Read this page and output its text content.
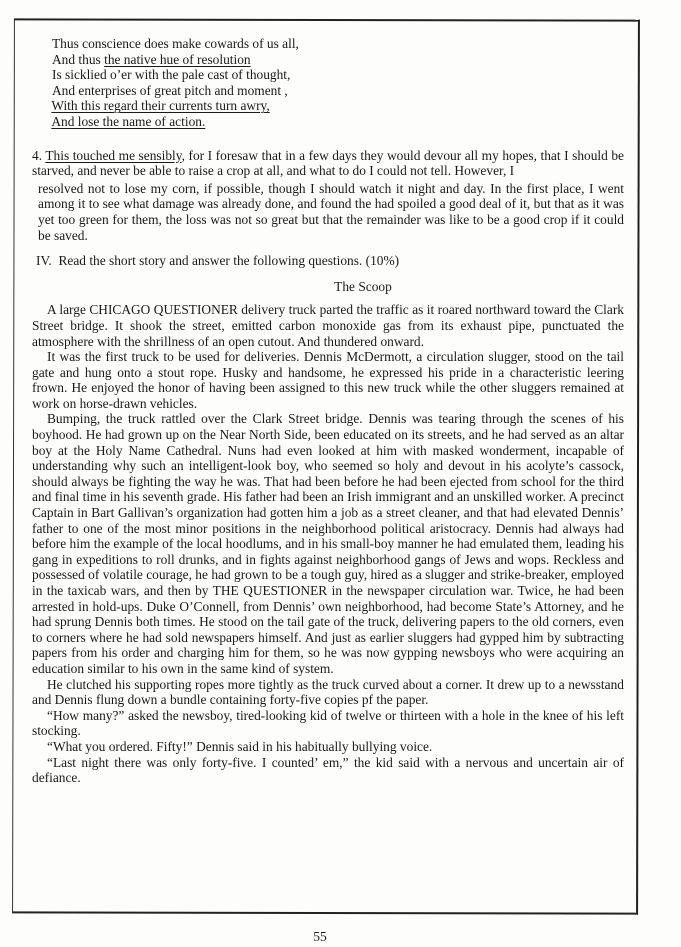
Thus conscience does make cowards of us all,
And thus the native hue of resolution
Is sicklied o’er with the pale cast of thought,
And enterprises of great pitch and moment ,
With this regard their currents turn awry,
And lose the name of action.
4. This touched me sensibly, for I foresaw that in a few days they would devour all my hopes, that I should be starved, and never be able to raise a crop at all, and what to do I could not tell. However, I
resolved not to lose my corn, if possible, though I should watch it night and day. In the first place, I went among it to see what damage was already done, and found the had spoiled a good deal of it, but that as it was yet too green for them, the loss was not so great but that the remainder was like to be a good crop if it could be saved.
IV. Read the short story and answer the following questions. (10%)
The Scoop

A large CHICAGO QUESTIONER delivery truck parted the traffic as it roared northward toward the Clark Street bridge. It shook the street, emitted carbon monoxide gas from its exhaust pipe, punctuated the atmosphere with the shrillness of an open cutout. And thundered onward.

It was the first truck to be used for deliveries. Dennis McDermott, a circulation slugger, stood on the tail gate and hung onto a stout rope. Husky and handsome, he expressed his pride in a characteristic leering frown. He enjoyed the honor of having been assigned to this new truck while the other sluggers remained at work on horse-drawn vehicles.

Bumping, the truck rattled over the Clark Street bridge. Dennis was tearing through the scenes of his boyhood. He had grown up on the Near North Side, been educated on its streets, and he had served as an altar boy at the Holy Name Cathedral. Nuns had even looked at him with masked wonderment, incapable of understanding why such an intelligent-look boy, who seemed so holy and devout in his acolyte’s cassock, should always be fighting the way he was. That had been before he had been ejected from school for the third and final time in his seventh grade. His father had been an Irish immigrant and an unskilled worker. A precinct Captain in Bart Gallivan’s organization had gotten him a job as a street cleaner, and that had elevated Dennis’ father to one of the most minor positions in the neighborhood political aristocracy. Dennis had always had before him the example of the local hoodlums, and in his small-boy manner he had emulated them, leading his gang in expeditions to roll drunks, and in fights against neighborhood gangs of Jews and wops. Reckless and possessed of volatile courage, he had grown to be a tough guy, hired as a slugger and strike-breaker, employed in the taxicab wars, and then by THE QUESTIONER in the newspaper circulation war. Twice, he had been arrested in hold-ups. Duke O’Connell, from Dennis’ own neighborhood, had become State’s Attorney, and he had sprung Dennis both times. He stood on the tail gate of the truck, delivering papers to the old corners, even to corners where he had sold newspapers himself. And just as earlier sluggers had gypped him by subtracting papers from his order and charging him for them, so he was now gypping newsboys who were acquiring an education similar to his own in the same kind of system.

He clutched his supporting ropes more tightly as the truck curved about a corner. It drew up to a newsstand and Dennis flung down a bundle containing forty-five copies pf the paper.

“How many?” asked the newsboy, tired-looking kid of twelve or thirteen with a hole in the knee of his left stocking.

“What you ordered. Fifty!” Dennis said in his habitually bullying voice.

“Last night there was only forty-five. I counted’ em,” the kid said with a nervous and uncertain air of defiance.

55
